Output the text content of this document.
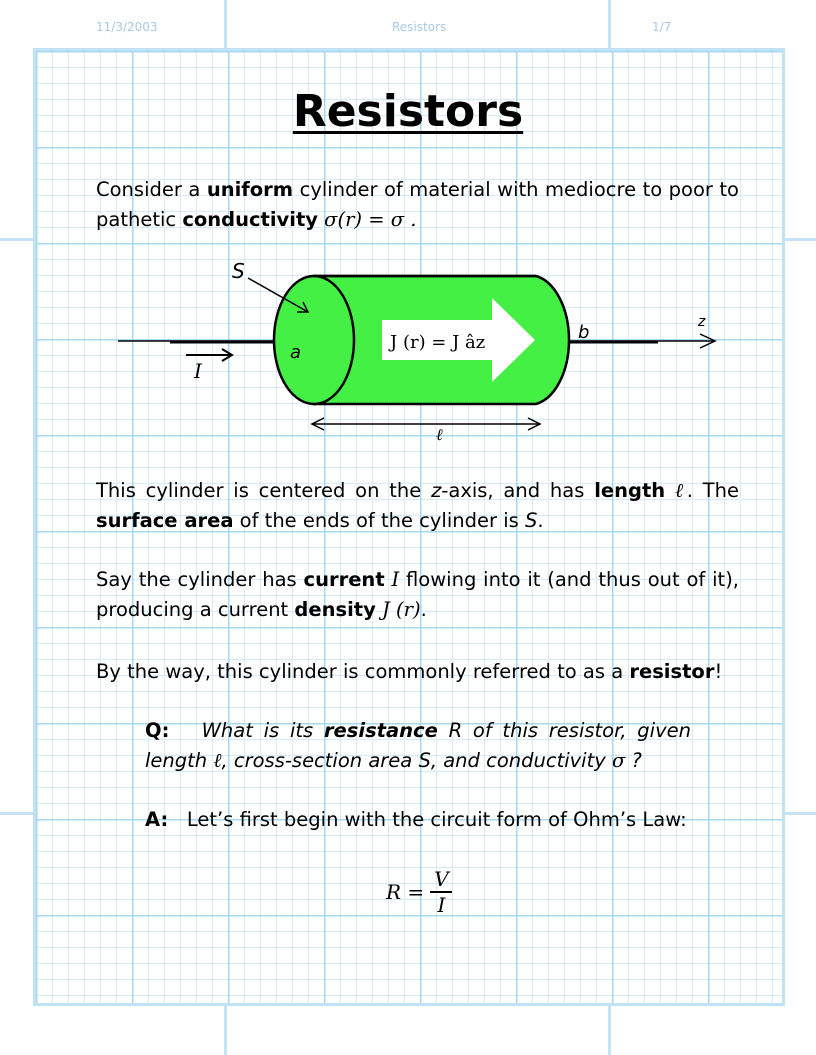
11/3/2003	Resistors	1/7
Resistors
Consider a uniform cylinder of material with mediocre to poor to pathetic conductivity σ(r) = σ .
J (r) = J âz
S
a
b	z
I
ℓ
This cylinder is centered on the z-axis, and has length ℓ. The surface area of the ends of the cylinder is S.
Say the cylinder has current I flowing into it (and thus out of it), producing a current density J (r).
By the way, this cylinder is commonly referred to as a resistor!
Q: What is its resistance R of this resistor, given length ℓ, cross-section area S, and conductivity σ ?
A: Let’s first begin with the circuit form of Ohm’s Law:
R =
V
I
